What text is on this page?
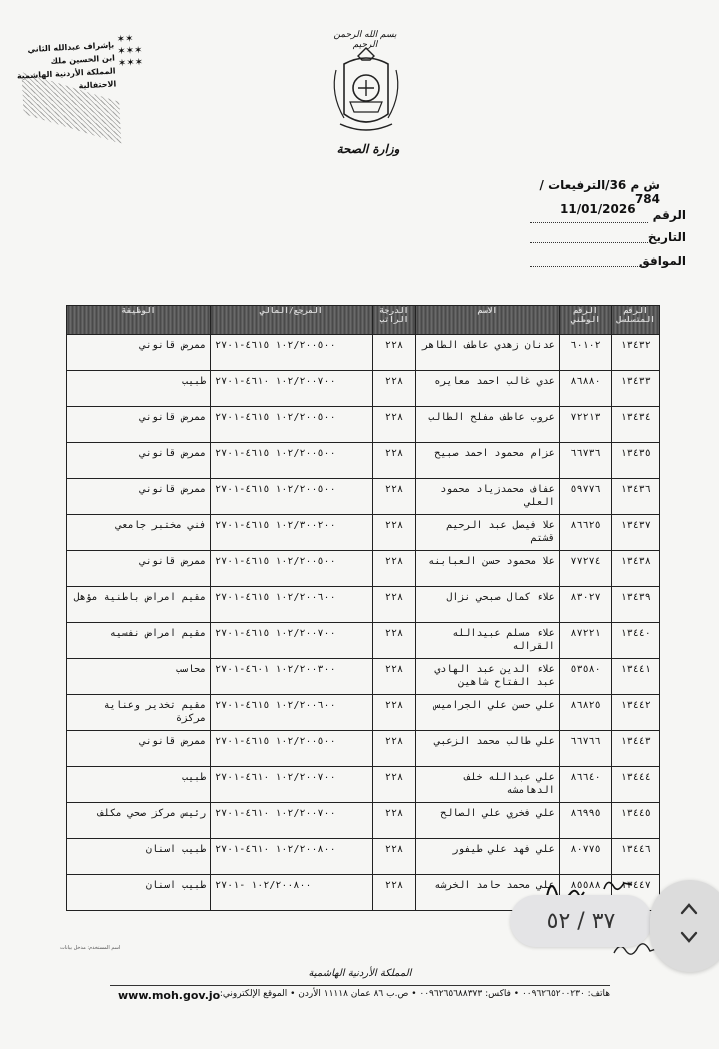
بإشراف عبدالله الثاني
ابن الحسين ملك
المملكة الأردنية الهاشمية
الاحتفالية
✶✶
✶✶✶
✶✶✶
بسم الله الرحمن الرحيم
وزارة الصحة
ش م 36/الترفيعات / 784
الرقم
11/01/2026
التاريخ
الموافق
الرقم المتسلسل	الرقم الوطني	الاسم	الدرجة الراتب	المرجع/المالي	الوظيفة
١٣٤٣٢	٦٠١٠٢	عدنان زهدي عاطف الطاهر	٢٢٨	١٠٢/٢٠٠٥٠٠ ٤٦١٥-٢٧٠١	ممرض قانوني
١٣٤٣٣	٨٦٨٨٠	عدي غالب احمد معايره	٢٢٨	١٠٢/٢٠٠٧٠٠ ٤٦١٠-٢٧٠١	طبيب
١٣٤٣٤	٧٢٢١٣	عروب عاطف مفلح الطالب	٢٢٨	١٠٢/٢٠٠٥٠٠ ٤٦١٥-٢٧٠١	ممرض قانوني
١٣٤٣٥	٦٦٧٣٦	عزام محمود احمد صبيح	٢٢٨	١٠٢/٢٠٠٥٠٠ ٤٦١٥-٢٧٠١	ممرض قانوني
١٣٤٣٦	٥٩٧٧٦	عفاف محمدزياد محمود العلي	٢٢٨	١٠٢/٢٠٠٥٠٠ ٤٦١٥-٢٧٠١	ممرض قانوني
١٣٤٣٧	٨٦٦٢٥	علا فيصل عبد الرحيم قشتم	٢٢٨	١٠٢/٣٠٠٢٠٠ ٤٦١٥-٢٧٠١	فني مختبر جامعي
١٣٤٣٨	٧٧٢٧٤	علا محمود حسن العبابنه	٢٢٨	١٠٢/٢٠٠٥٠٠ ٤٦١٥-٢٧٠١	ممرض قانوني
١٣٤٣٩	٨٣٠٢٧	علاء كمال صبحي نزال	٢٢٨	١٠٢/٢٠٠٦٠٠ ٤٦١٥-٢٧٠١	مقيم امراض باطنية مؤهل
١٣٤٤٠	٨٧٢٢١	علاء مسلم عبيدالله القراله	٢٢٨	١٠٢/٢٠٠٧٠٠ ٤٦١٥-٢٧٠١	مقيم امراض نفسيه
١٣٤٤١	٥٣٥٨٠	علاء الدين عبد الهادي عبد الفتاح شاهين	٢٢٨	١٠٢/٢٠٠٣٠٠ ٤٦٠١-٢٧٠١	محاسب
١٣٤٤٢	٨٦٨٢٥	علي حسن علي الجراميس	٢٢٨	١٠٢/٢٠٠٦٠٠ ٤٦١٥-٢٧٠١	مقيم تخدير وعناية مركزة
١٣٤٤٣	٦٦٧٦٦	علي طالب محمد الزعبي	٢٢٨	١٠٢/٢٠٠٥٠٠ ٤٦١٥-٢٧٠١	ممرض قانوني
١٣٤٤٤	٨٦٦٤٠	علي عبدالله خلف الدهامشه	٢٢٨	١٠٢/٢٠٠٧٠٠ ٤٦١٠-٢٧٠١	طبيب
١٣٤٤٥	٨٦٩٩٥	علي فخري علي الصالح	٢٢٨	١٠٢/٢٠٠٧٠٠ ٤٦١٠-٢٧٠١	رئيس مركز صحي مكلف
١٣٤٤٦	٨٠٧٧٥	علي فهد علي طيفور	٢٢٨	١٠٢/٢٠٠٨٠٠ ٤٦١٠-٢٧٠١	طبيب اسنان
١٣٤٤٧	٨٥٥٨٨	علي محمد حامد الخرشه	٢٢٨	١٠٢/٢٠٠٨٠٠ -٢٧٠١	طبيب اسنان
٣٧ / ٥٢
اسم المستخدم: مدخل بيانات
المملكة الأردنية الهاشمية
www.moh.gov.jo هاتف: ٠٠٩٦٢٦٥٢٠٠٢٣٠ • فاكس: ٠٠٩٦٢٦٥٦٨٨٣٧٣ • ص.ب ٨٦ عمان ١١١١٨ الأردن • الموقع الإلكتروني:
